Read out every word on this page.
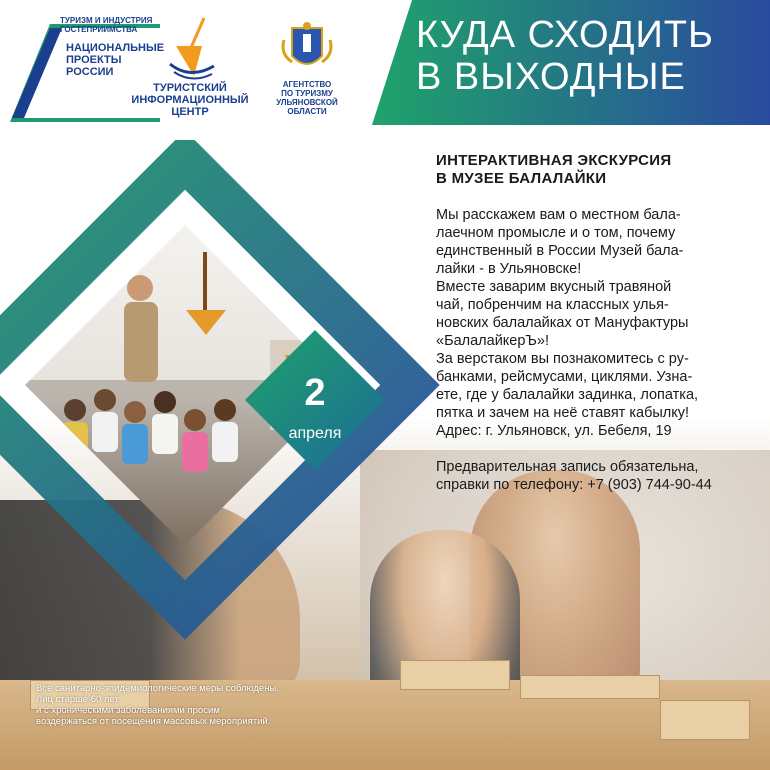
ТУРИЗМ И ИНДУСТРИЯ
ГОСТЕПРИИМСТВА
НАЦИОНАЛЬНЫЕ
ПРОЕКТЫ
РОССИИ
ТУРИСТСКИЙ
ИНФОРМАЦИОННЫЙ
ЦЕНТР
АГЕНТСТВО
ПО ТУРИЗМУ
УЛЬЯНОВСКОЙ
ОБЛАСТИ
КУДА СХОДИТЬ
В ВЫХОДНЫЕ
2
апреля
ИНТЕРАКТИВНАЯ ЭКСКУРСИЯ
В МУЗЕЕ БАЛАЛАЙКИ
Мы расскажем вам о местном бала-
лаечном промысле и о том, почему
единственный в России Музей бала-
лайки - в Ульяновске!
Вместе заварим вкусный травяной
чай, побренчим на классных улья-
новских балалайках от Мануфактуры
«БалалайкерЪ»!
За верстаком вы познакомитесь с ру-
банками, рейсмусами, циклями. Узна-
ете, где у балалайки задинка, лопатка,
пятка и зачем на неё ставят кабылку!
Адрес: г. Ульяновск, ул. Бебеля, 19
Предварительная запись обязательна,
справки по телефону: +7 (903) 744-90-44
Все санитарно-эпидемиологические меры соблюдены.
Лиц старше 60 лет
и с хроническими заболеваниями просим
воздержаться от посещения массовых мероприятий.
